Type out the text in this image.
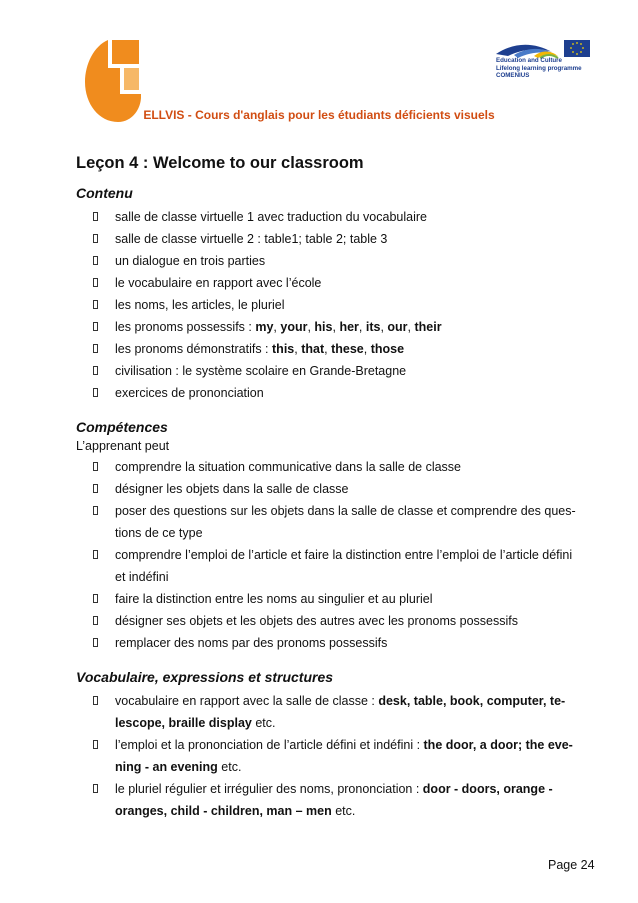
Education and Culture
Lifelong learning programme
COMENIUS
ELLVIS - Cours d'anglais pour les étudiants déficients visuels
Leçon 4 : Welcome to our classroom
Contenu
salle de classe virtuelle 1 avec traduction du vocabulaire
salle de classe virtuelle 2 : table1; table 2; table 3
un dialogue en trois parties
le vocabulaire en rapport avec l’école
les noms, les articles, le pluriel
les pronoms possessifs : my, your, his, her, its, our, their
les pronoms démonstratifs : this, that, these, those
civilisation : le système scolaire en Grande-Bretagne
exercices de prononciation
Compétences
L’apprenant peut
comprendre la situation communicative dans la salle de classe
désigner les objets dans la salle de classe
poser des questions sur les objets dans la salle de classe et comprendre des ques-
tions de ce type
comprendre l’emploi de l’article et faire la distinction entre l’emploi de l’article défini
et indéfini
faire la distinction entre les noms au singulier et au pluriel
désigner ses objets et les objets des autres avec les pronoms possessifs
remplacer des noms par des pronoms possessifs
Vocabulaire, expressions et structures
vocabulaire en rapport avec la salle de classe : desk, table, book, computer, te-
lescope, braille display etc.
l’emploi et la prononciation de l’article défini et indéfini : the door, a door; the eve-
ning - an evening etc.
le pluriel régulier et irrégulier des noms, prononciation : door - doors, orange -
oranges, child - children, man – men etc.
Page 24
